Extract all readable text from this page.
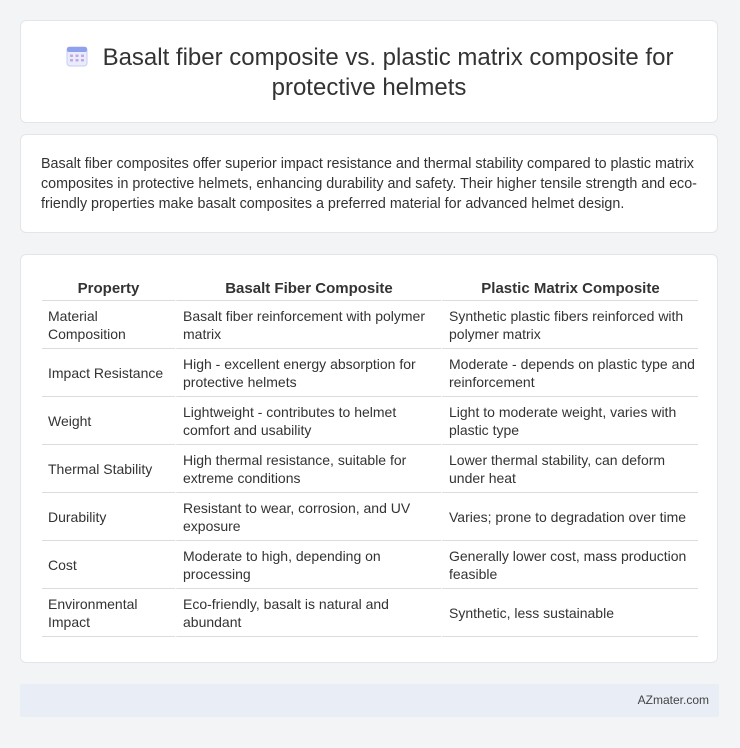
Basalt fiber composite vs. plastic matrix composite for protective helmets

Basalt fiber composites offer superior impact resistance and thermal stability compared to plastic matrix composites in protective helmets, enhancing durability and safety. Their higher tensile strength and eco-friendly properties make basalt composites a preferred material for advanced helmet design.

Property	Basalt Fiber Composite	Plastic Matrix Composite
Material Composition	Basalt fiber reinforcement with polymer matrix	Synthetic plastic fibers reinforced with polymer matrix
Impact Resistance	High - excellent energy absorption for protective helmets	Moderate - depends on plastic type and reinforcement
Weight	Lightweight - contributes to helmet comfort and usability	Light to moderate weight, varies with plastic type
Thermal Stability	High thermal resistance, suitable for extreme conditions	Lower thermal stability, can deform under heat
Durability	Resistant to wear, corrosion, and UV exposure	Varies; prone to degradation over time
Cost	Moderate to high, depending on processing	Generally lower cost, mass production feasible
Environmental Impact	Eco-friendly, basalt is natural and abundant	Synthetic, less sustainable
AZmater.com
